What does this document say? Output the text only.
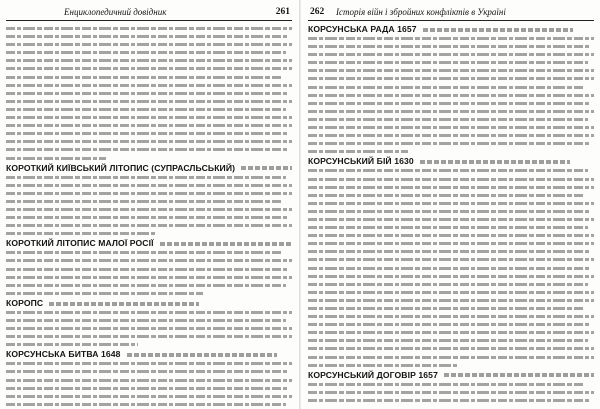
Енциклопедичний довідник	261
КОРОТКИЙ КИЇВСЬКИЙ ЛІТОПИС (СУПРАСЛЬСЬКИЙ)
КОРОТКИЙ ЛІТОПИС МАЛОЇ РОСІЇ
КОРОПС
КОРСУНСЬКА БИТВА 1648
262 Історія війн і збройних конфліктів в Україні
КОРСУНСЬКА РАДА 1657
КОРСУНСЬКИЙ БІЙ 1630
КОРСУНСЬКИЙ ДОГОВІР 1657
